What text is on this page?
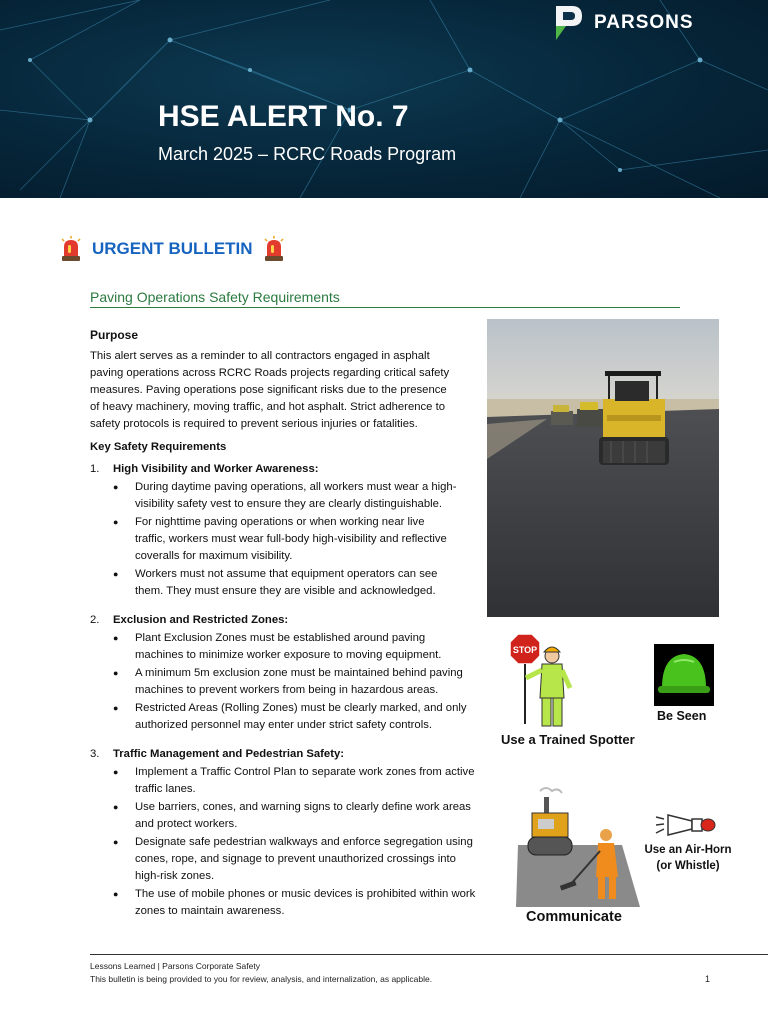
PARSONS
HSE ALERT No. 7
March 2025 – RCRC Roads Program
URGENT BULLETIN
Paving Operations Safety Requirements
Purpose
This alert serves as a reminder to all contractors engaged in asphalt
paving operations across RCRC Roads projects regarding critical safety
measures. Paving operations pose significant risks due to the presence
of heavy machinery, moving traffic, and hot asphalt. Strict adherence to
safety protocols is required to prevent serious injuries or fatalities.
Key Safety Requirements
1.	High Visibility and Worker Awareness:
●	During daytime paving operations, all workers must wear a high-
visibility safety vest to ensure they are clearly distinguishable.
●	For nighttime paving operations or when working near live
traffic, workers must wear full-body high-visibility and reflective
coveralls for maximum visibility.
●	Workers must not assume that equipment operators can see
them. They must ensure they are visible and acknowledged.
2.	Exclusion and Restricted Zones:
●	Plant Exclusion Zones must be established around paving
machines to minimize worker exposure to moving equipment.
●	A minimum 5m exclusion zone must be maintained behind paving
machines to prevent workers from being in hazardous areas.
●	Restricted Areas (Rolling Zones) must be clearly marked, and only
authorized personnel may enter under strict safety controls.
3.	Traffic Management and Pedestrian Safety:
●	Implement a Traffic Control Plan to separate work zones from active
traffic lanes.
●	Use barriers, cones, and warning signs to clearly define work areas
and protect workers.
●	Designate safe pedestrian walkways and enforce segregation using
cones, rope, and signage to prevent unauthorized crossings into
high-risk zones.
●	The use of mobile phones or music devices is prohibited within work
zones to maintain awareness.
STOP
Use a Trained Spotter
Be Seen
Communicate
Use an Air-Horn
(or Whistle)
Lessons Learned | Parsons Corporate Safety
This bulletin is being provided to you for review, analysis, and internalization, as applicable.	1
